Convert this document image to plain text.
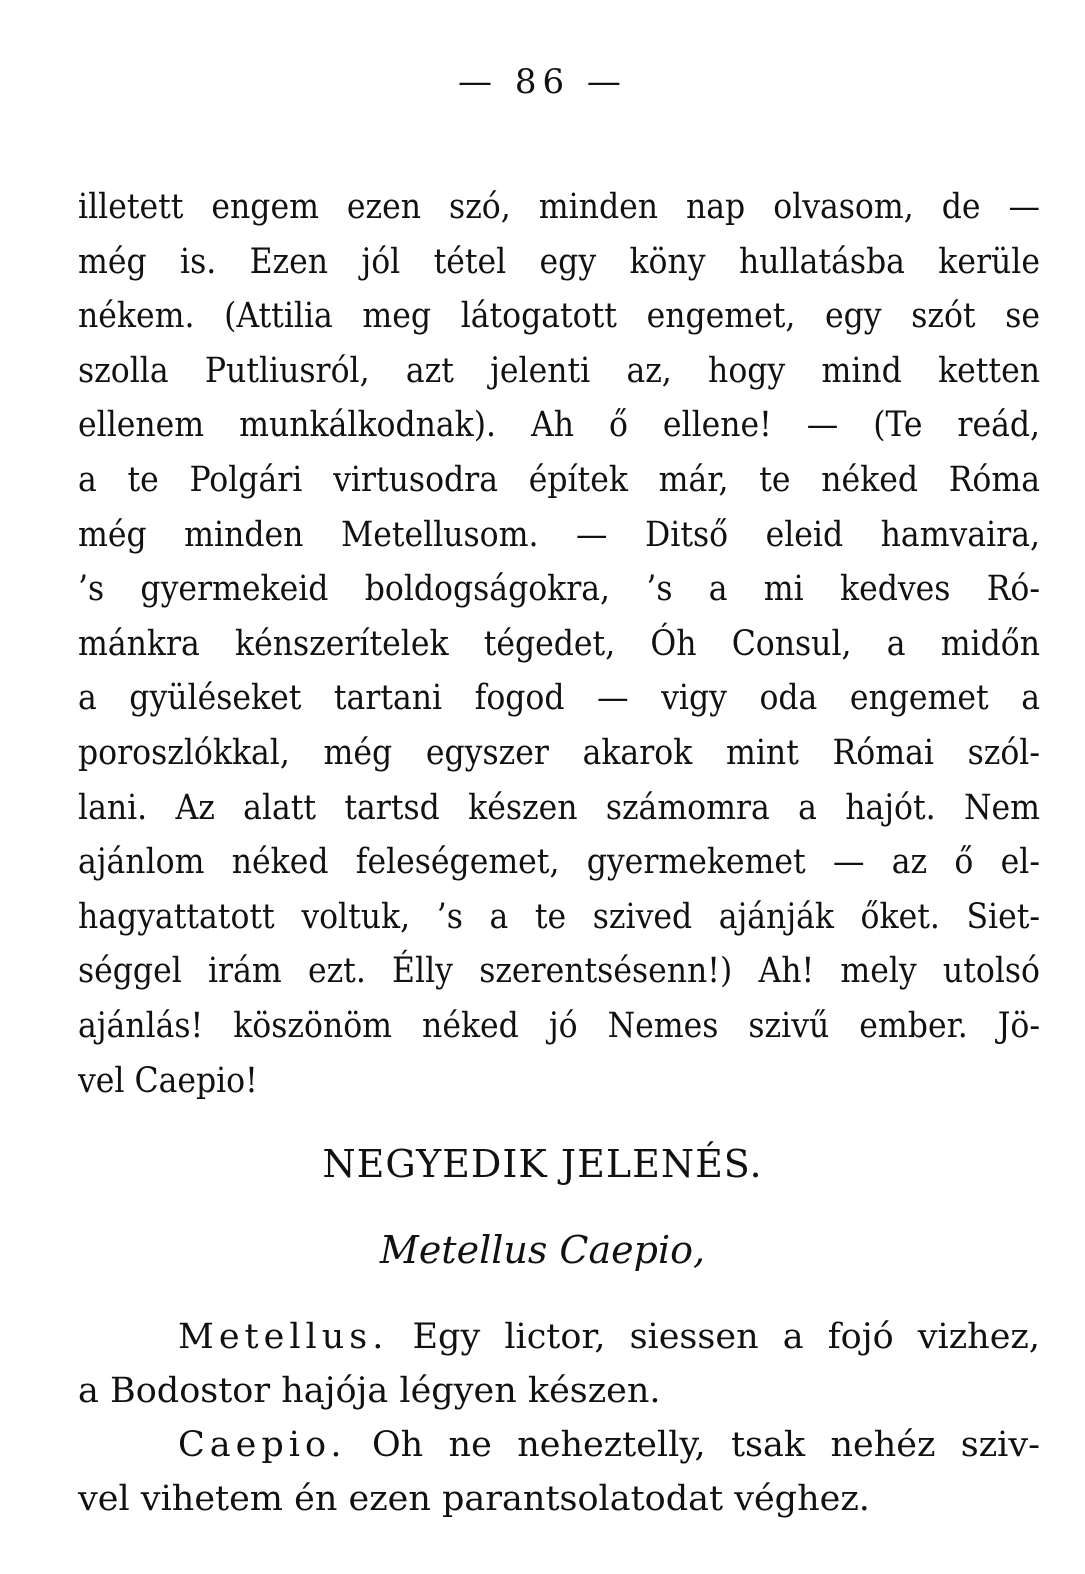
— 86 —
illetett engem ezen szó, minden nap olvasom, de —
még is. Ezen jól tétel egy köny hullatásba kerüle
nékem. (Attilia meg látogatott engemet, egy szót se
szolla Putliusról, azt jelenti az, hogy mind ketten
ellenem munkálkodnak). Ah ő ellene! — (Te reád,
a te Polgári virtusodra építek már, te néked Róma
még minden Metellusom. — Ditső eleid hamvaira,
’s gyermekeid boldogságokra, ’s a mi kedves Ró-
mánkra kénszerítelek tégedet, Óh Consul, a midőn
a gyüléseket tartani fogod — vigy oda engemet a
poroszlókkal, még egyszer akarok mint Római szól-
lani. Az alatt tartsd készen számomra a hajót. Nem
ajánlom néked feleségemet, gyermekemet — az ő el-
hagyattatott voltuk, ’s a te szived ajánják őket. Siet-
séggel irám ezt. Élly szerentsésenn!) Ah! mely utolsó
ajánlás! köszönöm néked jó Nemes szivű ember. Jö-
vel Caepio!
NEGYEDIK JELENÉS.
Metellus Caepio,
Metellus. Egy lictor, siessen a fojó vizhez,
a Bodostor hajója légyen készen.
Caepio. Oh ne neheztelly, tsak nehéz sziv-
vel vihetem én ezen parantsolatodat véghez.
